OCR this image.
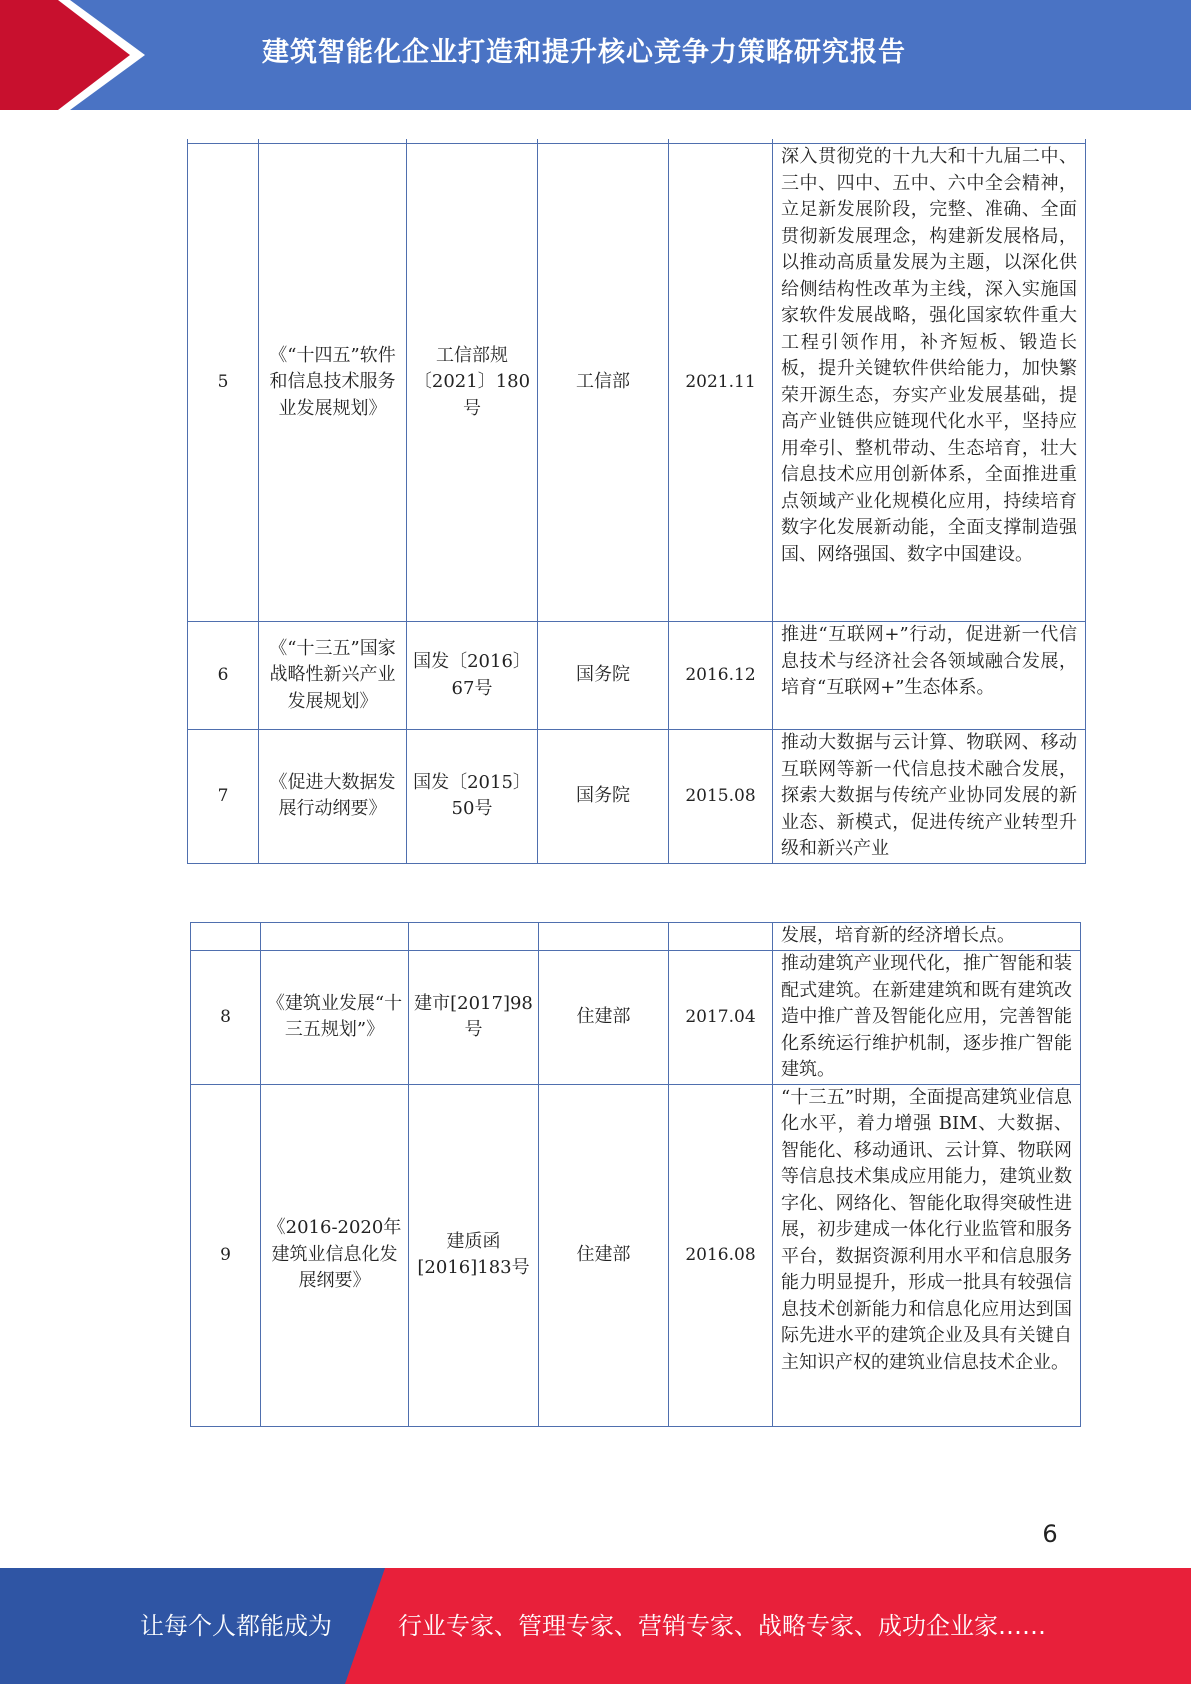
建筑智能化企业打造和提升核心竞争力策略研究报告

5	《“十四五”软件和信息技术服务业发展规划》	工信部规〔2021〕180号	工信部	2021.11	深入贯彻党的十九大和十九届二中、三中、四中、五中、六中全会精神，立足新发展阶段，完整、准确、全面贯彻新发展理念，构建新发展格局，以推动高质量发展为主题，以深化供给侧结构性改革为主线，深入实施国家软件发展战略，强化国家软件重大工程引领作用，补齐短板、锻造长板，提升关键软件供给能力，加快繁荣开源生态，夯实产业发展基础，提高产业链供应链现代化水平，坚持应用牵引、整机带动、生态培育，壮大信息技术应用创新体系，全面推进重点领域产业化规模化应用，持续培育数字化发展新动能，全面支撑制造强国、网络强国、数字中国建设。
6	《“十三五”国家战略性新兴产业发展规划》	国发〔2016〕67号	国务院	2016.12	推进“互联网+”行动，促进新一代信息技术与经济社会各领域融合发展，培育“互联网+”生态体系。
7	《促进大数据发展行动纲要》	国发〔2015〕50号	国务院	2015.08	推动大数据与云计算、物联网、移动互联网等新一代信息技术融合发展，探索大数据与传统产业协同发展的新业态、新模式，促进传统产业转型升级和新兴产业
					发展，培育新的经济增长点。
8	《建筑业发展“十三五规划”》	建市[2017]98号	住建部	2017.04	推动建筑产业现代化，推广智能和装配式建筑。在新建建筑和既有建筑改造中推广普及智能化应用，完善智能化系统运行维护机制，逐步推广智能建筑。
9	《2016-2020年建筑业信息化发展纲要》	建质函[2016]183号	住建部	2016.08	“十三五”时期，全面提高建筑业信息化水平，着力增强 BIM、大数据、智能化、移动通讯、云计算、物联网等信息技术集成应用能力，建筑业数字化、网络化、智能化取得突破性进展，初步建成一体化行业监管和服务平台，数据资源利用水平和信息服务能力明显提升，形成一批具有较强信息技术创新能力和信息化应用达到国际先进水平的建筑企业及具有关键自主知识产权的建筑业信息技术企业。
6
让每个人都能成为	行业专家、管理专家、营销专家、战略专家、成功企业家……
